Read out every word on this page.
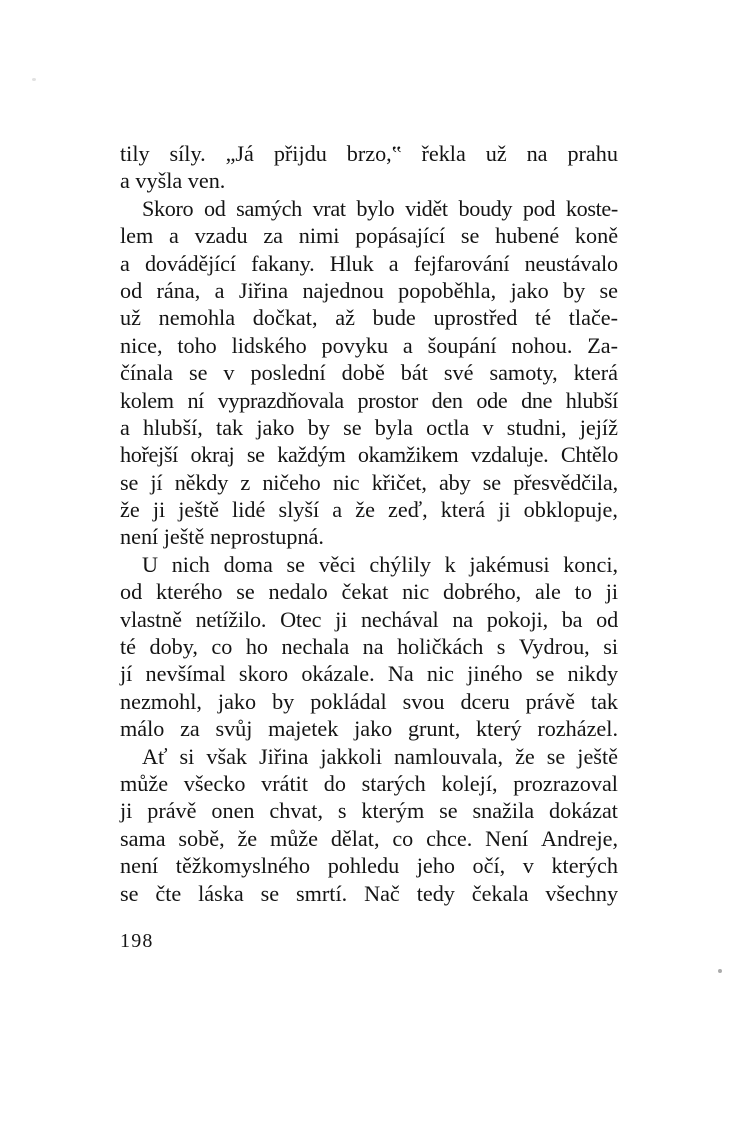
tily síly. „Já přijdu brzo,‟ řekla už na prahu
a vyšla ven.
Skoro od samých vrat bylo vidět boudy pod koste-
lem a vzadu za nimi popásající se hubené koně
a dovádějící fakany. Hluk a fejfarování neustávalo
od rána, a Jiřina najednou popoběhla, jako by se
už nemohla dočkat, až bude uprostřed té tlače-
nice, toho lidského povyku a šoupání nohou. Za-
čínala se v poslední době bát své samoty, která
kolem ní vyprazdňovala prostor den ode dne hlubší
a hlubší, tak jako by se byla octla v studni, jejíž
hořejší okraj se každým okamžikem vzdaluje. Chtělo
se jí někdy z ničeho nic křičet, aby se přesvědčila,
že ji ještě lidé slyší a že zeď, která ji obklopuje,
není ještě neprostupná.
U nich doma se věci chýlily k jakémusi konci,
od kterého se nedalo čekat nic dobrého, ale to ji
vlastně netížilo. Otec ji nechával na pokoji, ba od
té doby, co ho nechala na holičkách s Vydrou, si
jí nevšímal skoro okázale. Na nic jiného se nikdy
nezmohl, jako by pokládal svou dceru právě tak
málo za svůj majetek jako grunt, který rozházel.
Ať si však Jiřina jakkoli namlouvala, že se ještě
může všecko vrátit do starých kolejí, prozrazoval
ji právě onen chvat, s kterým se snažila dokázat
sama sobě, že může dělat, co chce. Není Andreje,
není těžkomyslného pohledu jeho očí, v kterých
se čte láska se smrtí. Nač tedy čekala všechny
198
